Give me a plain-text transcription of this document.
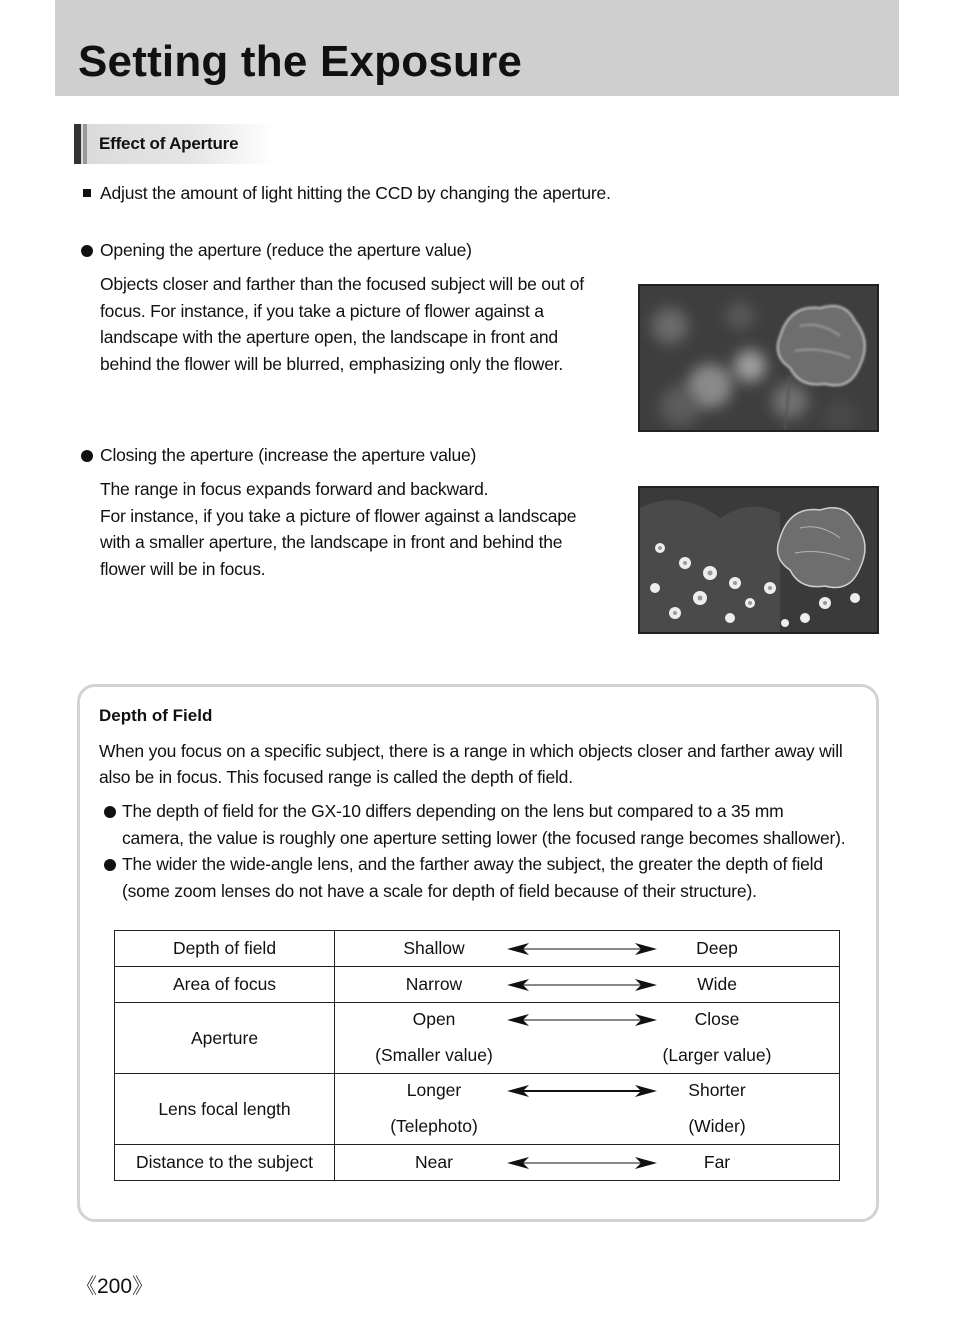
Setting the Exposure
Effect of Aperture
Adjust the amount of light hitting the CCD by changing the aperture.
Opening the aperture (reduce the aperture value)
Objects closer and farther than the focused subject will be out of
focus. For instance, if you take a picture of flower against a
landscape with the aperture open, the landscape in front and
behind the flower will be blurred, emphasizing only the flower.
Closing the aperture (increase the aperture value)
The range in focus expands forward and backward.
For instance, if you take a picture of flower against a landscape
with a smaller aperture, the landscape in front and behind the
flower will be in focus.
Depth of Field
When you focus on a specific subject, there is a range in which objects closer and farther away will
also be in focus. This focused range is called the depth of field.
The depth of field for the GX-10 differs depending on the lens but compared to a 35 mm
camera, the value is roughly one aperture setting lower (the focused range becomes shallower).
The wider the wide-angle lens, and the farther away the subject, the greater the depth of field
(some zoom lenses do not have a scale for depth of field because of their structure).
Depth of field	Shallow Deep

Area of focus	Narrow Wide

Aperture	Open Close
(Smaller value) (Larger value)

Lens focal length	Longer Shorter
(Telephoto) (Wider)

Distance to the subject	Near Far
《200》
